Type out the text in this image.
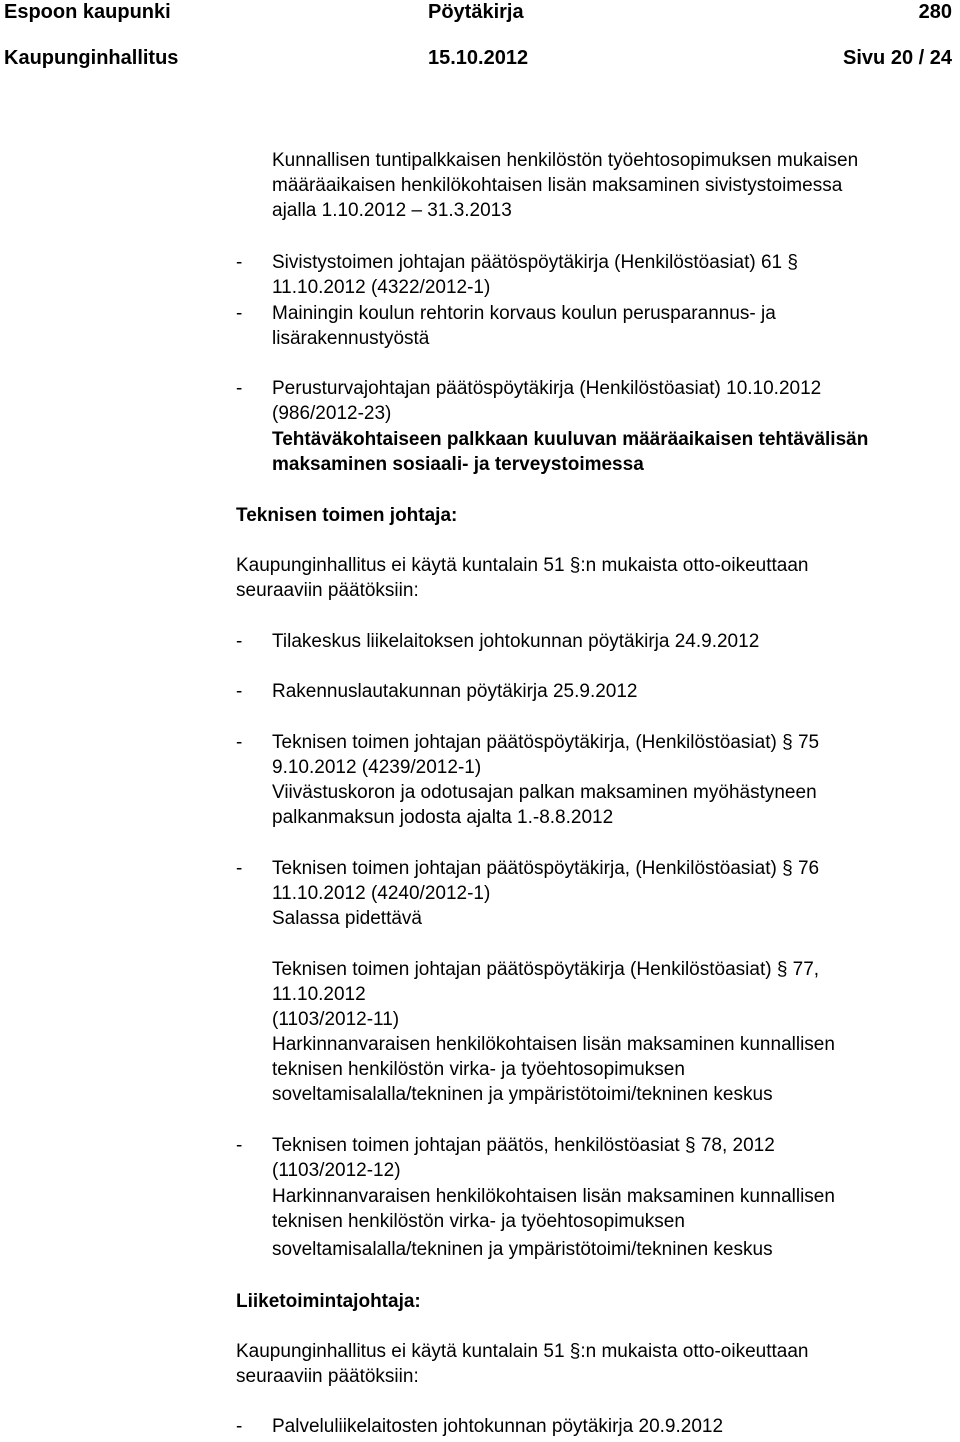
Espoon kaupunki	Pöytäkirja	280
Kaupunginhallitus	15.10.2012	Sivu 20 / 24
Kunnallisen tuntipalkkaisen henkilöstön työehtosopimuksen mukaisen
määräaikaisen henkilökohtaisen lisän maksaminen sivistystoimessa
ajalla 1.10.2012 – 31.3.2013
- Sivistystoimen johtajan päätöspöytäkirja (Henkilöstöasiat) 61 §
11.10.2012 (4322/2012-1)
- Mainingin koulun rehtorin korvaus koulun perusparannus- ja
lisärakennustyöstä
- Perusturvajohtajan päätöspöytäkirja (Henkilöstöasiat) 10.10.2012
(986/2012-23)
Tehtäväkohtaiseen palkkaan kuuluvan määräaikaisen tehtävälisän
maksaminen sosiaali- ja terveystoimessa
Teknisen toimen johtaja:
Kaupunginhallitus ei käytä kuntalain 51 §:n mukaista otto-oikeuttaan
seuraaviin päätöksiin:
- Tilakeskus liikelaitoksen johtokunnan pöytäkirja 24.9.2012
- Rakennuslautakunnan pöytäkirja 25.9.2012
- Teknisen toimen johtajan päätöspöytäkirja, (Henkilöstöasiat) § 75
9.10.2012 (4239/2012-1)
Viivästuskoron ja odotusajan palkan maksaminen myöhästyneen
palkanmaksun jodosta ajalta 1.-8.8.2012
- Teknisen toimen johtajan päätöspöytäkirja, (Henkilöstöasiat) § 76
11.10.2012 (4240/2012-1)
Salassa pidettävä
Teknisen toimen johtajan päätöspöytäkirja (Henkilöstöasiat) § 77,
11.10.2012
(1103/2012-11)
Harkinnanvaraisen henkilökohtaisen lisän maksaminen kunnallisen
teknisen henkilöstön virka- ja työehtosopimuksen
soveltamisalalla/tekninen ja ympäristötoimi/tekninen keskus
- Teknisen toimen johtajan päätös, henkilöstöasiat § 78, 2012
(1103/2012-12)
Harkinnanvaraisen henkilökohtaisen lisän maksaminen kunnallisen
teknisen henkilöstön virka- ja työehtosopimuksen
soveltamisalalla/tekninen ja ympäristötoimi/tekninen keskus
Liiketoimintajohtaja:
Kaupunginhallitus ei käytä kuntalain 51 §:n mukaista otto-oikeuttaan
seuraaviin päätöksiin:
- Palveluliikelaitosten johtokunnan pöytäkirja 20.9.2012
